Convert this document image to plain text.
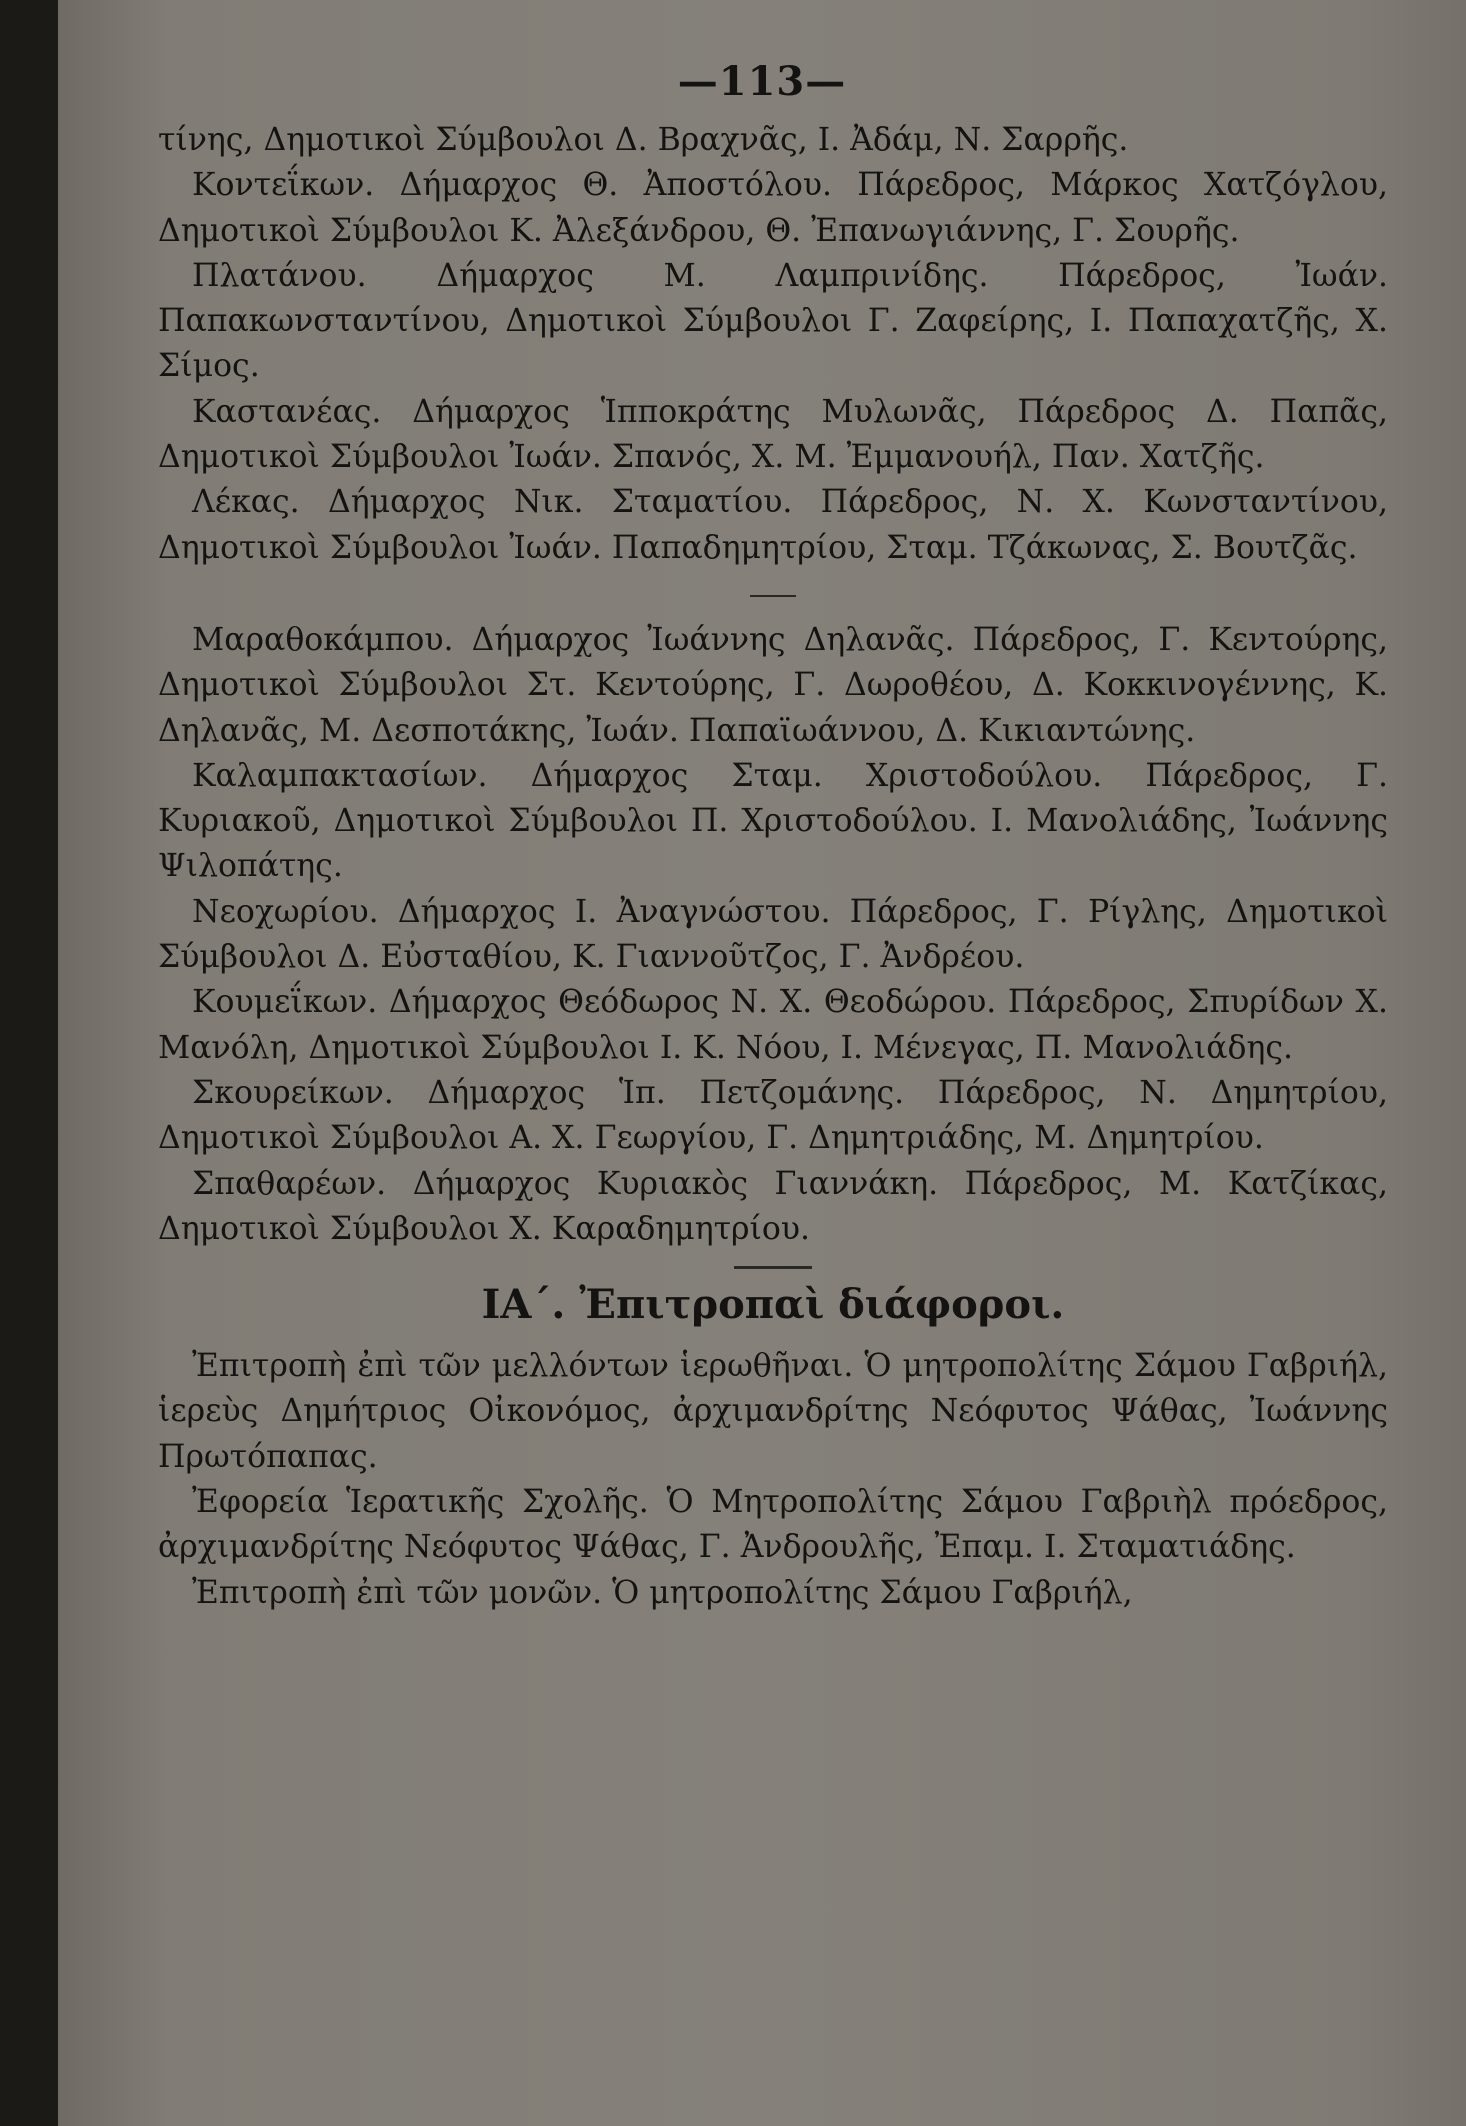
—113—

τίνης, Δημοτικοὶ Σύμβουλοι Δ. Βραχνᾶς, Ι. Ἀδάμ, Ν. Σαρρῆς.

Κοντεΐκων. Δήμαρχος Θ. Ἀποστόλου. Πάρεδρος, Μάρκος Χατζόγλου, Δημοτικοὶ Σύμβουλοι Κ. Ἀλεξάνδρου, Θ. Ἐπανωγιάννης, Γ. Σουρῆς.

Πλατάνου. Δήμαρχος Μ. Λαμπρινίδης. Πάρεδρος, Ἰωάν. Παπακωνσταντίνου, Δημοτικοὶ Σύμβουλοι Γ. Ζαφείρης, Ι. Παπαχατζῆς, Χ. Σίμος.

Καστανέας. Δήμαρχος Ἱπποκράτης Μυλωνᾶς, Πάρεδρος Δ. Παπᾶς, Δημοτικοὶ Σύμβουλοι Ἰωάν. Σπανός, Χ. Μ. Ἐμμανουήλ, Παν. Χατζῆς.

Λέκας. Δήμαρχος Νικ. Σταματίου. Πάρεδρος, Ν. Χ. Κωνσταντίνου, Δημοτικοὶ Σύμβουλοι Ἰωάν. Παπαδημητρίου, Σταμ. Τζάκωνας, Σ. Βουτζᾶς.

Μαραθοκάμπου. Δήμαρχος Ἰωάννης Δηλανᾶς. Πάρεδρος, Γ. Κεντούρης, Δημοτικοὶ Σύμβουλοι Στ. Κεντούρης, Γ. Δωροθέου, Δ. Κοκκινογέννης, Κ. Δηλανᾶς, Μ. Δεσποτάκης, Ἰωάν. Παπαϊωάννου, Δ. Κικιαντώνης.

Καλαμπακτασίων. Δήμαρχος Σταμ. Χριστοδούλου. Πάρεδρος, Γ. Κυριακοῦ, Δημοτικοὶ Σύμβουλοι Π. Χριστοδούλου. Ι. Μανολιάδης, Ἰωάννης Ψιλοπάτης.

Νεοχωρίου. Δήμαρχος Ι. Ἀναγνώστου. Πάρεδρος, Γ. Ρίγλης, Δημοτικοὶ Σύμβουλοι Δ. Εὐσταθίου, Κ. Γιαννοῦτζος, Γ. Ἀνδρέου.

Κουμεΐκων. Δήμαρχος Θεόδωρος Ν. Χ. Θεοδώρου. Πάρεδρος, Σπυρίδων Χ. Μανόλη, Δημοτικοὶ Σύμβουλοι Ι. Κ. Νόου, Ι. Μένεγας, Π. Μανολιάδης.

Σκουρείκων. Δήμαρχος Ἱπ. Πετζομάνης. Πάρεδρος, Ν. Δημητρίου, Δημοτικοὶ Σύμβουλοι Α. Χ. Γεωργίου, Γ. Δημητριάδης, Μ. Δημητρίου.

Σπαθαρέων. Δήμαρχος Κυριακὸς Γιαννάκη. Πάρεδρος, Μ. Κατζίκας, Δημοτικοὶ Σύμβουλοι Χ. Καραδημητρίου.

ΙΑ΄. Ἐπιτροπαὶ διάφοροι.

Ἐπιτροπὴ ἐπὶ τῶν μελλόντων ἱερωθῆναι. Ὁ μητροπολίτης Σάμου Γαβριήλ, ἱερεὺς Δημήτριος Οἰκονόμος, ἀρχιμανδρίτης Νεόφυτος Ψάθας, Ἰωάννης Πρωτόπαπας.

Ἐφορεία Ἱερατικῆς Σχολῆς. Ὁ Μητροπολίτης Σάμου Γαβριὴλ πρόεδρος, ἀρχιμανδρίτης Νεόφυτος Ψάθας, Γ. Ἀνδρουλῆς, Ἐπαμ. Ι. Σταματιάδης.

Ἐπιτροπὴ ἐπὶ τῶν μονῶν. Ὁ μητροπολίτης Σάμου Γαβριήλ,
